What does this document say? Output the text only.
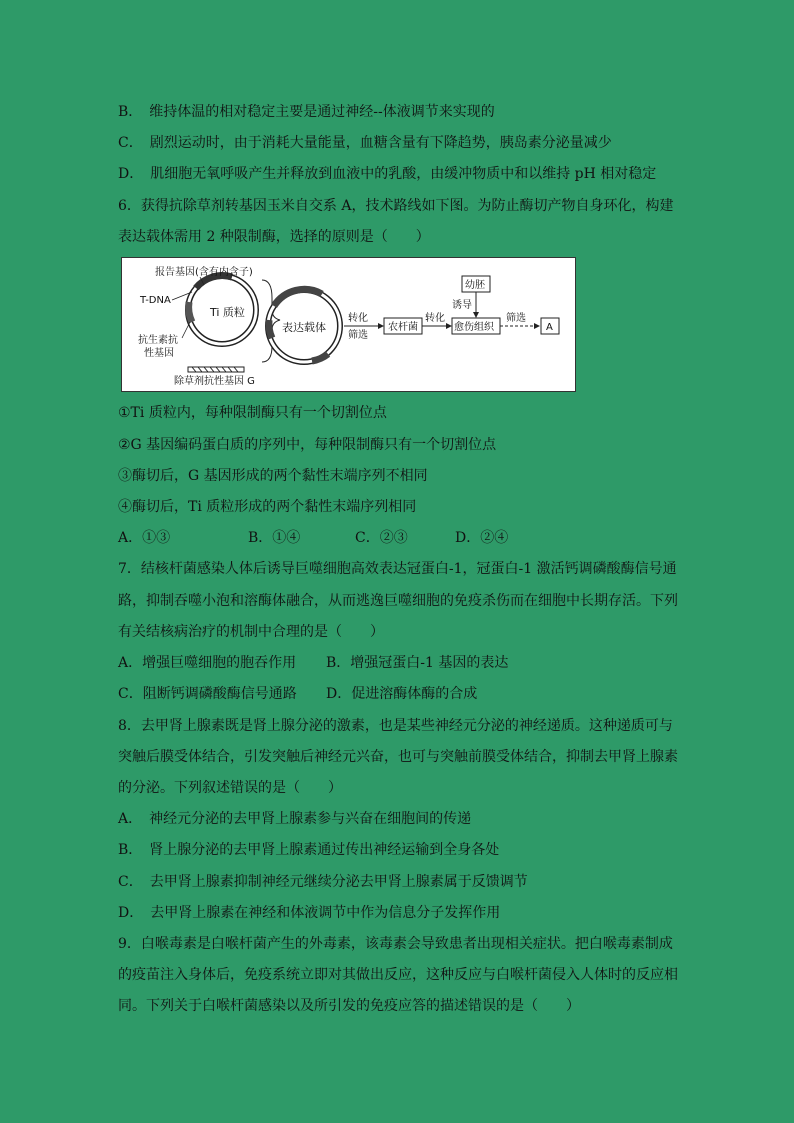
B．　维持体温的相对稳定主要是通过神经--体液调节来实现的
C．　剧烈运动时，由于消耗大量能量，血糖含量有下降趋势，胰岛素分泌量减少
D．　肌细胞无氧呼吸产生并释放到血液中的乳酸，由缓冲物质中和以维持 pH 相对稳定
6．获得抗除草剂转基因玉米自交系 A，技术路线如下图。为防止酶切产物自身环化，构建
表达载体需用 2 种限制酶，选择的原则是（　　）
Ti 质粒
报告基因(含有内含子)
T-DNA
抗生素抗
性基因
除草剂抗性基因 G
表达载体
转化
筛选
农杆菌
转化
幼胚
诱导
愈伤组织
筛选
A
①Ti 质粒内，每种限制酶只有一个切割位点
②G 基因编码蛋白质的序列中，每种限制酶只有一个切割位点
③酶切后，G 基因形成的两个黏性末端序列不相同
④酶切后，Ti 质粒形成的两个黏性末端序列相同
A．①③	B．①④	C．②③	D．②④
7．结核杆菌感染人体后诱导巨噬细胞高效表达冠蛋白-1，冠蛋白-1 激活钙调磷酸酶信号通
路，抑制吞噬小泡和溶酶体融合，从而逃逸巨噬细胞的免疫杀伤而在细胞中长期存活。下列
有关结核病治疗的机制中合理的是（　　）
A．增强巨噬细胞的胞吞作用 B．增强冠蛋白-1 基因的表达
C．阻断钙调磷酸酶信号通路 D．促进溶酶体酶的合成
8．去甲肾上腺素既是肾上腺分泌的激素，也是某些神经元分泌的神经递质。这种递质可与
突触后膜受体结合，引发突触后神经元兴奋，也可与突触前膜受体结合，抑制去甲肾上腺素
的分泌。下列叙述错误的是（　　）
A．　神经元分泌的去甲肾上腺素参与兴奋在细胞间的传递
B．　肾上腺分泌的去甲肾上腺素通过传出神经运输到全身各处
C．　去甲肾上腺素抑制神经元继续分泌去甲肾上腺素属于反馈调节
D．　去甲肾上腺素在神经和体液调节中作为信息分子发挥作用
9．白喉毒素是白喉杆菌产生的外毒素，该毒素会导致患者出现相关症状。把白喉毒素制成
的疫苗注入身体后，免疫系统立即对其做出反应，这种反应与白喉杆菌侵入人体时的反应相
同。下列关于白喉杆菌感染以及所引发的免疫应答的描述错误的是（　　）
